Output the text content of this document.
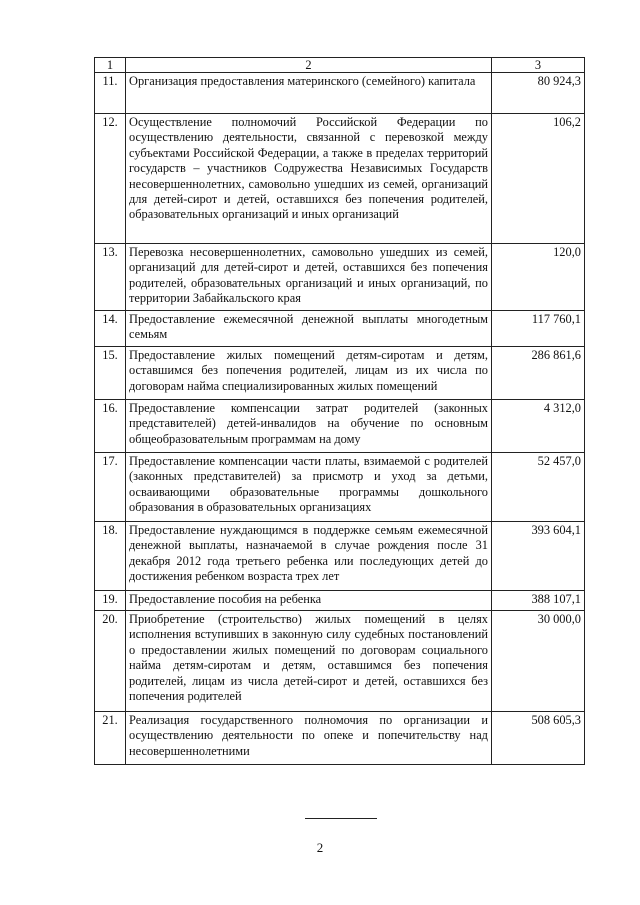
1	2	3
11.	Организация предоставления материнского (семейного) капитала	80 924,3
12.	Осуществление полномочий Российской Федерации по осуществлению деятельности, связанной с перевозкой между субъектами Российской Федерации, а также в пределах территорий государств – участников Содружества Независимых Государств несовершеннолетних, самовольно ушедших из семей, организаций для детей-сирот и детей, оставшихся без попечения родителей, образовательных организаций и иных организаций	106,2
13.	Перевозка несовершеннолетних, самовольно ушедших из семей, организаций для детей-сирот и детей, оставшихся без попечения родителей, образовательных организаций и иных организаций, по территории Забайкальского края	120,0
14.	Предоставление ежемесячной денежной выплаты многодетным семьям	117 760,1
15.	Предоставление жилых помещений детям-сиротам и детям, оставшимся без попечения родителей, лицам из их числа по договорам найма специализированных жилых помещений	286 861,6
16.	Предоставление компенсации затрат родителей (законных представителей) детей-инвалидов на обучение по основным общеобразовательным программам на дому	4 312,0
17.	Предоставление компенсации части платы, взимаемой с родителей (законных представителей) за присмотр и уход за детьми, осваивающими образовательные программы дошкольного образования в образовательных организациях	52 457,0
18.	Предоставление нуждающимся в поддержке семьям ежемесячной денежной выплаты, назначаемой в случае рождения после 31 декабря 2012 года третьего ребенка или последующих детей до достижения ребенком возраста трех лет	393 604,1
19.	Предоставление пособия на ребенка	388 107,1
20.	Приобретение (строительство) жилых помещений в целях исполнения вступивших в законную силу судебных постановлений о предоставлении жилых помещений по договорам социального найма детям-сиротам и детям, оставшимся без попечения родителей, лицам из числа детей-сирот и детей, оставшихся без попечения родителей	30 000,0
21.	Реализация государственного полномочия по организации и осуществлению деятельности по опеке и попечительству над несовершеннолетними	508 605,3
2
